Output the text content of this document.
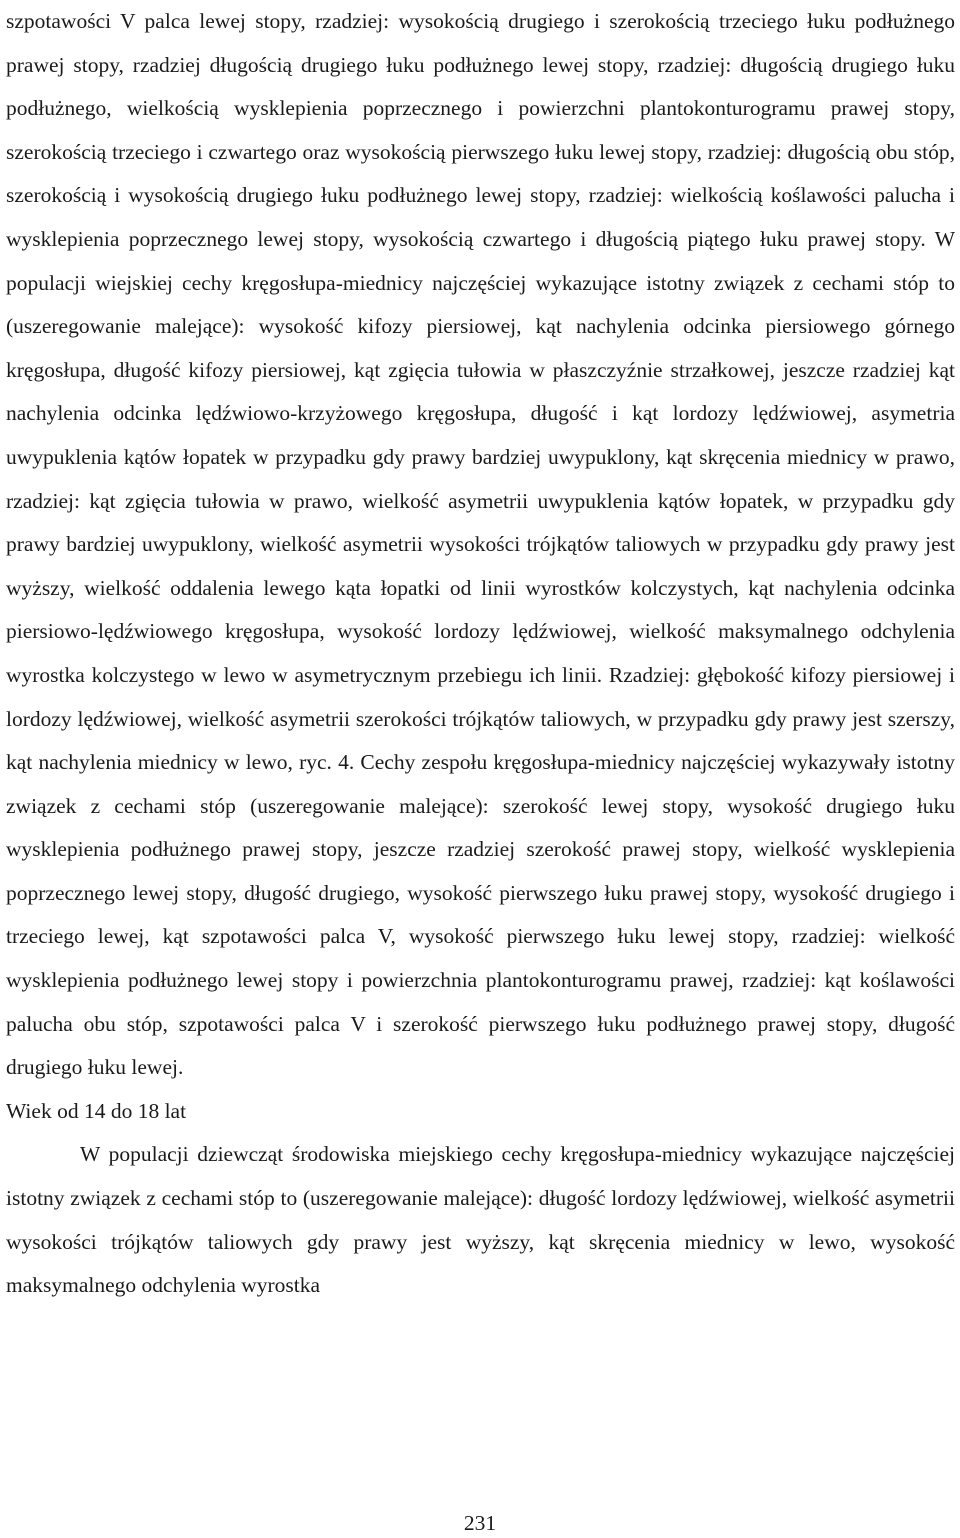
szpotawości V palca lewej stopy, rzadziej: wysokością drugiego i szerokością trzeciego łuku podłużnego prawej stopy, rzadziej długością drugiego łuku podłużnego lewej stopy, rzadziej: długością drugiego łuku podłużnego, wielkością wysklepienia poprzecznego i powierzchni plantokonturogramu prawej stopy, szerokością trzeciego i czwartego oraz wysokością pierwszego łuku lewej stopy, rzadziej: długością obu stóp, szerokością i wysokością drugiego łuku podłużnego lewej stopy, rzadziej: wielkością koślawości palucha i wysklepienia poprzecznego lewej stopy, wysokością czwartego i długością piątego łuku prawej stopy. W populacji wiejskiej cechy kręgosłupa-miednicy najczęściej wykazujące istotny związek z cechami stóp to (uszeregowanie malejące): wysokość kifozy piersiowej, kąt nachylenia odcinka piersiowego górnego kręgosłupa, długość kifozy piersiowej, kąt zgięcia tułowia w płaszczyźnie strzałkowej, jeszcze rzadziej kąt nachylenia odcinka lędźwiowo-krzyżowego kręgosłupa, długość i kąt lordozy lędźwiowej, asymetria uwypuklenia kątów łopatek w przypadku gdy prawy bardziej uwypuklony, kąt skręcenia miednicy w prawo, rzadziej: kąt zgięcia tułowia w prawo, wielkość asymetrii uwypuklenia kątów łopatek, w przypadku gdy prawy bardziej uwypuklony, wielkość asymetrii wysokości trójkątów taliowych w przypadku gdy prawy jest wyższy, wielkość oddalenia lewego kąta łopatki od linii wyrostków kolczystych, kąt nachylenia odcinka piersiowo-lędźwiowego kręgosłupa, wysokość lordozy lędźwiowej, wielkość maksymalnego odchylenia wyrostka kolczystego w lewo w asymetrycznym przebiegu ich linii. Rzadziej: głębokość kifozy piersiowej i lordozy lędźwiowej, wielkość asymetrii szerokości trójkątów taliowych, w przypadku gdy prawy jest szerszy, kąt nachylenia miednicy w lewo, ryc. 4. Cechy zespołu kręgosłupa-miednicy najczęściej wykazywały istotny związek z cechami stóp (uszeregowanie malejące): szerokość lewej stopy, wysokość drugiego łuku wysklepienia podłużnego prawej stopy, jeszcze rzadziej szerokość prawej stopy, wielkość wysklepienia poprzecznego lewej stopy, długość drugiego, wysokość pierwszego łuku prawej stopy, wysokość drugiego i trzeciego lewej, kąt szpotawości palca V, wysokość pierwszego łuku lewej stopy, rzadziej: wielkość wysklepienia podłużnego lewej stopy i powierzchnia plantokonturogramu prawej, rzadziej: kąt koślawości palucha obu stóp, szpotawości palca V i szerokość pierwszego łuku podłużnego prawej stopy, długość drugiego łuku lewej.

Wiek od 14 do 18 lat

W populacji dziewcząt środowiska miejskiego cechy kręgosłupa-miednicy wykazujące najczęściej istotny związek z cechami stóp to (uszeregowanie malejące): długość lordozy lędźwiowej, wielkość asymetrii wysokości trójkątów taliowych gdy prawy jest wyższy, kąt skręcenia miednicy w lewo, wysokość maksymalnego odchylenia wyrostka

231
